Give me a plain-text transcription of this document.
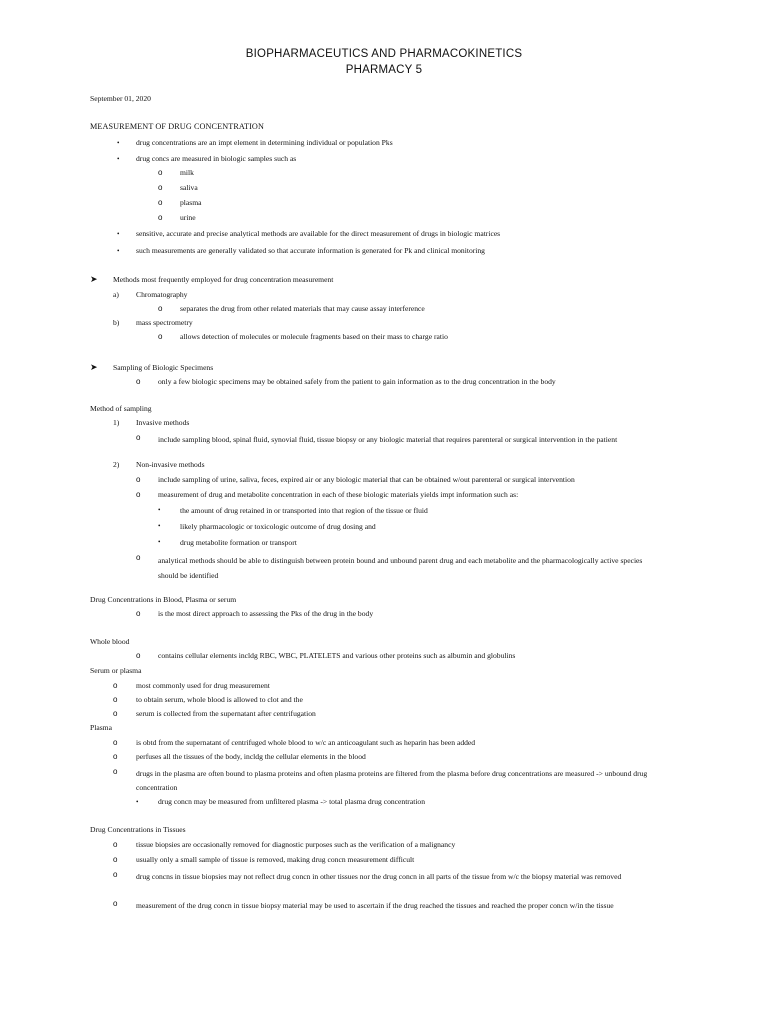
BIOPHARMACEUTICS AND PHARMACOKINETICS
PHARMACY 5
September 01, 2020
MEASUREMENT OF DRUG CONCENTRATION
• drug concentrations are an impt element in determining individual or population Pks
• drug concs are measured in biologic samples such as
o milk
o saliva
o plasma
o urine
• sensitive, accurate and precise analytical methods are available for the direct measurement of drugs in biologic matrices
• such measurements are generally validated so that accurate information is generated for Pk and clinical monitoring
➤ Methods most frequently employed for drug concentration measurement
a) Chromatography
o separates the drug from other related materials that may cause assay interference
b) mass spectrometry
o allows detection of molecules or molecule fragments based on their mass to charge ratio
➤ Sampling of Biologic Specimens
o only a few biologic specimens may be obtained safely from the patient to gain information as to the drug concentration in the body
Method of sampling
1) Invasive methods
o include sampling blood, spinal fluid, synovial fluid, tissue biopsy or any biologic material that requires parenteral or surgical intervention in the patient
2) Non-invasive methods
o include sampling of urine, saliva, feces, expired air or any biologic material that can be obtained w/out parenteral or surgical intervention
o measurement of drug and metabolite concentration in each of these biologic materials yields impt information such as:
•	the amount of drug retained in or transported into that region of the tissue or fluid
•	likely pharmacologic or toxicologic outcome of drug dosing and
•	drug metabolite formation or transport
o analytical methods should be able to distinguish between protein bound and unbound parent drug and each metabolite and the pharmacologically active species should be identified
Drug Concentrations in Blood, Plasma or serum
o is the most direct approach to assessing the Pks of the drug in the body
Whole blood
o contains cellular elements incldg RBC, WBC, PLATELETS and various other proteins such as albumin and globulins
Serum or plasma
o most commonly used for drug measurement
o to obtain serum, whole blood is allowed to clot and the
o serum is collected from the supernatant after centrifugation
Plasma
o is obtd from the supernatant of centrifuged whole blood to w/c an anticoagulant such as heparin has been added
o perfuses all the tissues of the body, incldg the cellular elements in the blood
o drugs in the plasma are often bound to plasma proteins and often plasma proteins are filtered from the plasma before drug concentrations are measured -> unbound drug concentration
•	drug concn may be measured from unfiltered plasma -> total plasma drug concentration
Drug Concentrations in Tissues
o tissue biopsies are occasionally removed for diagnostic purposes such as the verification of a malignancy
o usually only a small sample of tissue is removed, making drug concn measurement difficult
o drug concns in tissue biopsies may not reflect drug concn in other tissues nor the drug concn in all parts of the tissue from w/c the biopsy material was removed
o measurement of the drug concn in tissue biopsy material may be used to ascertain if the drug reached the tissues and reached the proper concn w/in the tissue
